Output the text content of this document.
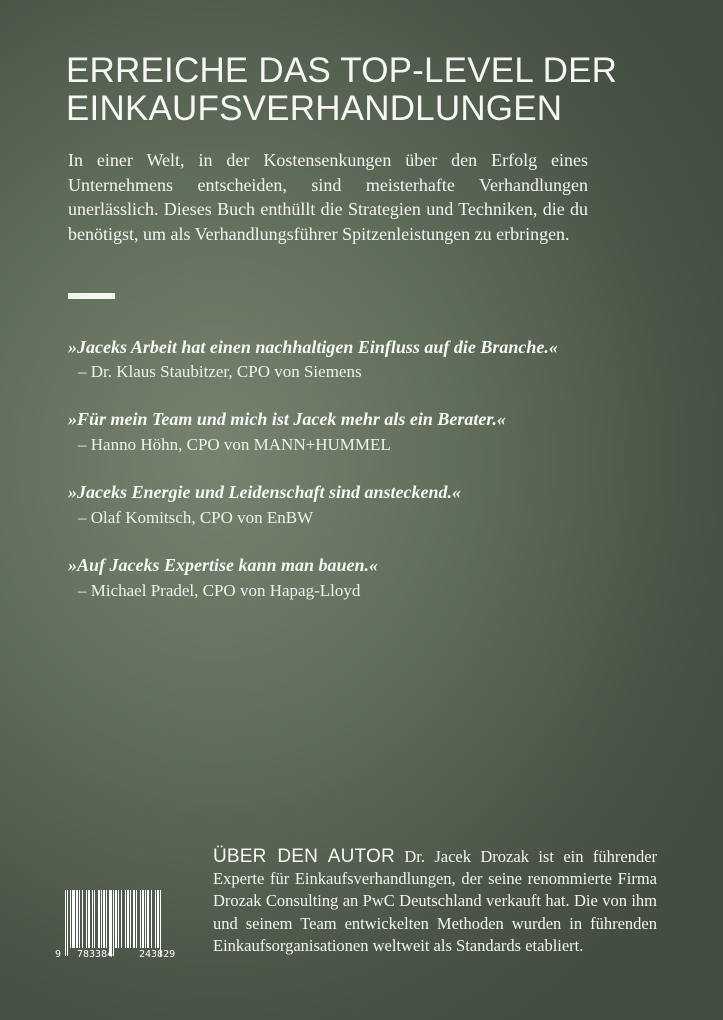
ERREICHE DAS TOP-LEVEL DER EINKAUFSVERHANDLUNGEN

In einer Welt, in der Kostensenkungen über den Erfolg eines Unternehmens entscheiden, sind meisterhafte Verhandlungen unerlässlich. Dieses Buch enthüllt die Strategien und Techniken, die du benötigst, um als Verhandlungsführer Spitzenleistungen zu erbringen.

»Jaceks Arbeit hat einen nachhaltigen Einfluss auf die Branche.«

– Dr. Klaus Staubitzer, CPO von Siemens

»Für mein Team und mich ist Jacek mehr als ein Berater.«

– Hanno Höhn, CPO von MANN+HUMMEL

»Jaceks Energie und Leidenschaft sind ansteckend.«

– Olaf Komitsch, CPO von EnBW

»Auf Jaceks Expertise kann man bauen.«

– Michael Pradel, CPO von Hapag-Lloyd

9 783384	243829

ÜBER DEN AUTOR Dr. Jacek Drozak ist ein führender Experte für Einkaufsverhandlungen, der seine renommierte Firma Drozak Consulting an PwC Deutschland verkauft hat. Die von ihm und seinem Team entwickelten Methoden wurden in führenden Einkaufsorganisationen weltweit als Standards etabliert.
